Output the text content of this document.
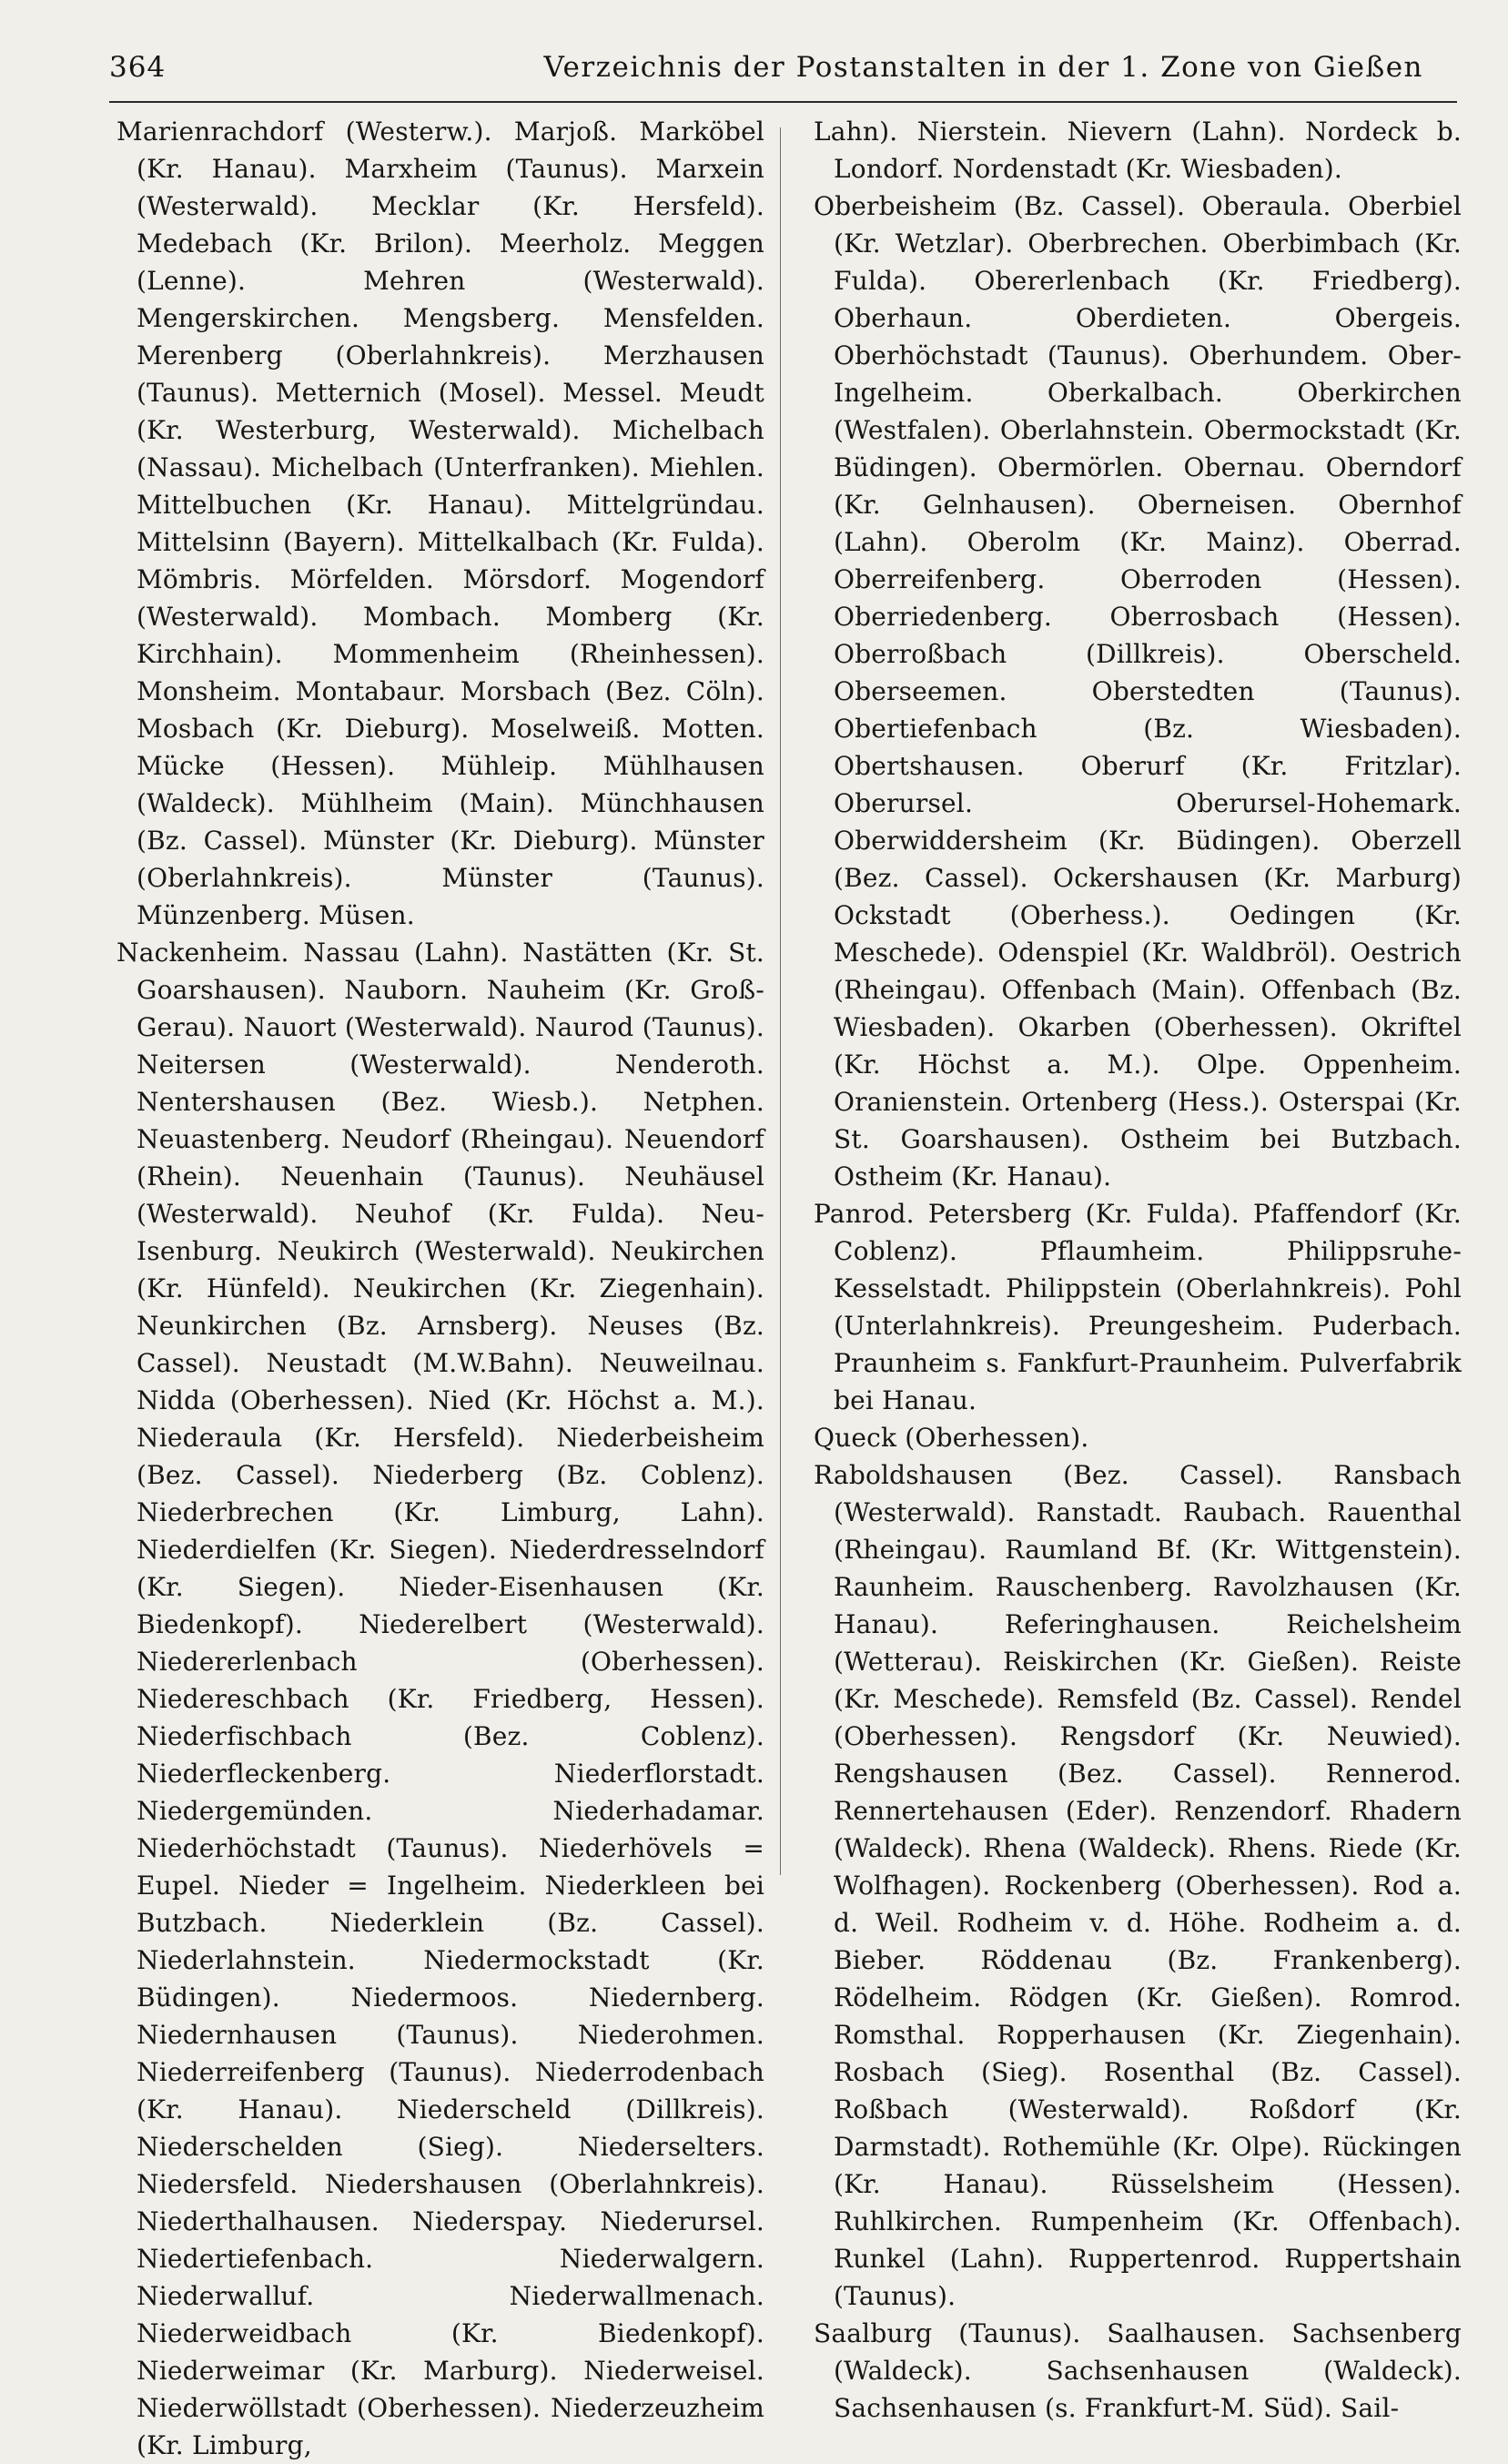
364	Verzeichnis der Postanstalten in der 1. Zone von Gießen

Marienrachdorf (Westerw.). Marjoß. Marköbel (Kr. Hanau). Marxheim (Taunus). Marxein (Westerwald). Mecklar (Kr. Hersfeld). Medebach (Kr. Brilon). Meerholz. Meggen (Lenne). Mehren (Westerwald). Mengerskirchen. Mengsberg. Mensfelden. Merenberg (Oberlahnkreis). Merzhausen (Taunus). Metternich (Mosel). Messel. Meudt (Kr. Westerburg, Westerwald). Michelbach (Nassau). Michelbach (Unterfranken). Miehlen. Mittelbuchen (Kr. Hanau). Mittelgründau. Mittelsinn (Bayern). Mittelkalbach (Kr. Fulda). Mömbris. Mörfelden. Mörsdorf. Mogendorf (Westerwald). Mombach. Momberg (Kr. Kirchhain). Mommenheim (Rheinhessen). Monsheim. Montabaur. Morsbach (Bez. Cöln). Mosbach (Kr. Dieburg). Moselweiß. Motten. Mücke (Hessen). Mühleip. Mühlhausen (Waldeck). Mühlheim (Main). Münchhausen (Bz. Cassel). Münster (Kr. Dieburg). Münster (Oberlahnkreis). Münster (Taunus). Münzenberg. Müsen.

Nackenheim. Nassau (Lahn). Nastätten (Kr. St. Goarshausen). Nauborn. Nauheim (Kr. Groß-Gerau). Nauort (Westerwald). Naurod (Taunus). Neitersen (Westerwald). Nenderoth. Nentershausen (Bez. Wiesb.). Netphen. Neuastenberg. Neudorf (Rheingau). Neuendorf (Rhein). Neuenhain (Taunus). Neuhäusel (Westerwald). Neuhof (Kr. Fulda). Neu-Isenburg. Neukirch (Westerwald). Neukirchen (Kr. Hünfeld). Neukirchen (Kr. Ziegenhain). Neunkirchen (Bz. Arnsberg). Neuses (Bz. Cassel). Neustadt (M.W.Bahn). Neuweilnau. Nidda (Oberhessen). Nied (Kr. Höchst a. M.). Niederaula (Kr. Hersfeld). Niederbeisheim (Bez. Cassel). Niederberg (Bz. Coblenz). Niederbrechen (Kr. Limburg, Lahn). Niederdielfen (Kr. Siegen). Niederdresselndorf (Kr. Siegen). Nieder-Eisenhausen (Kr. Biedenkopf). Niederelbert (Westerwald). Niedererlenbach (Oberhessen). Niedereschbach (Kr. Friedberg, Hessen). Niederfischbach (Bez. Coblenz). Niederfleckenberg. Niederflorstadt. Niedergemünden. Niederhadamar. Niederhöchstadt (Taunus). Niederhövels = Eupel. Nieder = Ingelheim. Niederkleen bei Butzbach. Niederklein (Bz. Cassel). Niederlahnstein. Niedermockstadt (Kr. Büdingen). Niedermoos. Niedernberg. Niedernhausen (Taunus). Niederohmen. Niederreifenberg (Taunus). Niederrodenbach (Kr. Hanau). Niederscheld (Dillkreis). Niederschelden (Sieg). Niederselters. Niedersfeld. Niedershausen (Oberlahnkreis). Niederthalhausen. Niederspay. Niederursel. Niedertiefenbach. Niederwalgern. Niederwalluf. Niederwallmenach. Niederweidbach (Kr. Biedenkopf). Niederweimar (Kr. Marburg). Niederweisel. Niederwöllstadt (Oberhessen). Niederzeuzheim (Kr. Limburg,

Lahn). Nierstein. Nievern (Lahn). Nordeck b. Londorf. Nordenstadt (Kr. Wiesbaden).

Oberbeisheim (Bz. Cassel). Oberaula. Oberbiel (Kr. Wetzlar). Oberbrechen. Oberbimbach (Kr. Fulda). Obererlenbach (Kr. Friedberg). Oberhaun. Oberdieten. Obergeis. Oberhöchstadt (Taunus). Oberhundem. Ober-Ingelheim. Oberkalbach. Oberkirchen (Westfalen). Oberlahnstein. Obermockstadt (Kr. Büdingen). Obermörlen. Obernau. Oberndorf (Kr. Gelnhausen). Oberneisen. Obernhof (Lahn). Oberolm (Kr. Mainz). Oberrad. Oberreifenberg. Oberroden (Hessen). Oberriedenberg. Oberrosbach (Hessen). Oberroßbach (Dillkreis). Oberscheld. Oberseemen. Oberstedten (Taunus). Obertiefenbach (Bz. Wiesbaden). Obertshausen. Oberurf (Kr. Fritzlar). Oberursel. Oberursel-Hohemark. Oberwiddersheim (Kr. Büdingen). Oberzell (Bez. Cassel). Ockershausen (Kr. Marburg) Ockstadt (Oberhess.). Oedingen (Kr. Meschede). Odenspiel (Kr. Waldbröl). Oestrich (Rheingau). Offenbach (Main). Offenbach (Bz. Wiesbaden). Okarben (Oberhessen). Okriftel (Kr. Höchst a. M.). Olpe. Oppenheim. Oranienstein. Ortenberg (Hess.). Osterspai (Kr. St. Goarshausen). Ostheim bei Butzbach. Ostheim (Kr. Hanau).

Panrod. Petersberg (Kr. Fulda). Pfaffendorf (Kr. Coblenz). Pflaumheim. Philippsruhe-Kesselstadt. Philippstein (Oberlahnkreis). Pohl (Unterlahnkreis). Preungesheim. Puderbach. Praunheim s. Fankfurt-Praunheim. Pulverfabrik bei Hanau.

Queck (Oberhessen).

Raboldshausen (Bez. Cassel). Ransbach (Westerwald). Ranstadt. Raubach. Rauenthal (Rheingau). Raumland Bf. (Kr. Wittgenstein). Raunheim. Rauschenberg. Ravolzhausen (Kr. Hanau). Referinghausen. Reichelsheim (Wetterau). Reiskirchen (Kr. Gießen). Reiste (Kr. Meschede). Remsfeld (Bz. Cassel). Rendel (Oberhessen). Rengsdorf (Kr. Neuwied). Rengshausen (Bez. Cassel). Rennerod. Rennertehausen (Eder). Renzendorf. Rhadern (Waldeck). Rhena (Waldeck). Rhens. Riede (Kr. Wolfhagen). Rockenberg (Oberhessen). Rod a. d. Weil. Rodheim v. d. Höhe. Rodheim a. d. Bieber. Röddenau (Bz. Frankenberg). Rödelheim. Rödgen (Kr. Gießen). Romrod. Romsthal. Ropperhausen (Kr. Ziegenhain). Rosbach (Sieg). Rosenthal (Bz. Cassel). Roßbach (Westerwald). Roßdorf (Kr. Darmstadt). Rothemühle (Kr. Olpe). Rückingen (Kr. Hanau). Rüsselsheim (Hessen). Ruhlkirchen. Rumpenheim (Kr. Offenbach). Runkel (Lahn). Ruppertenrod. Ruppertshain (Taunus).

Saalburg (Taunus). Saalhausen. Sachsenberg (Waldeck). Sachsenhausen (Waldeck). Sachsenhausen (s. Frankfurt-M. Süd). Sail-
